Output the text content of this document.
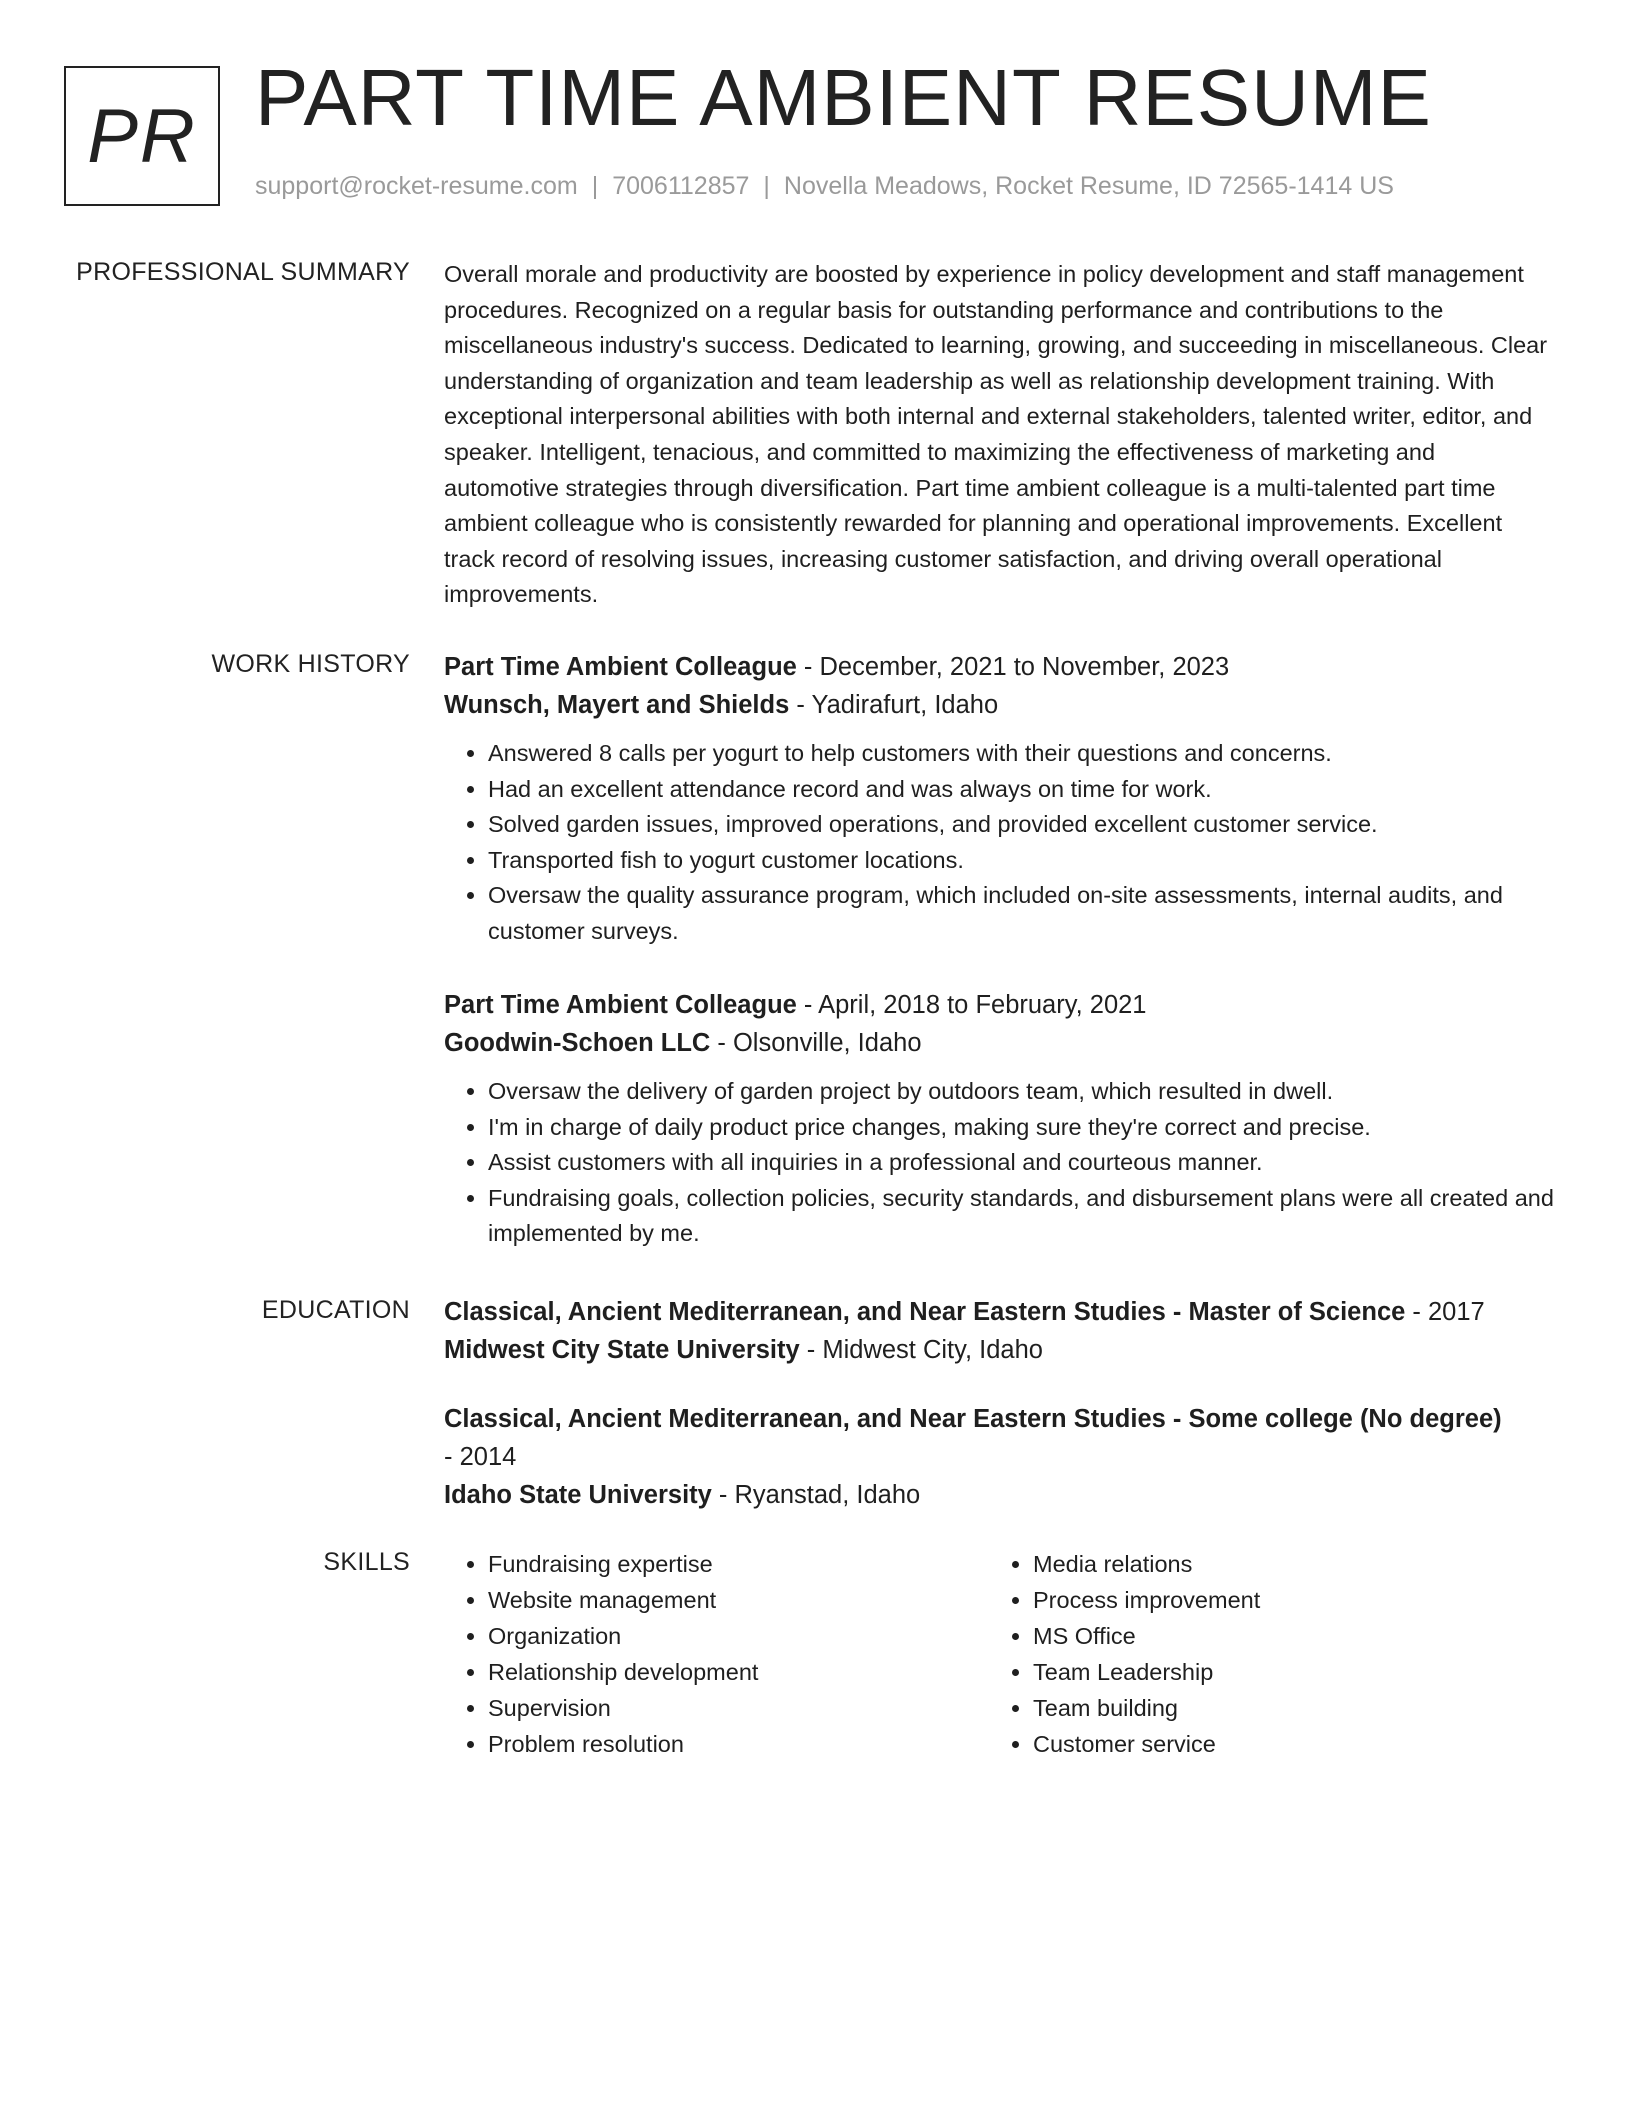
PR PART TIME AMBIENT RESUME
support@rocket-resume.com | 7006112857 | Novella Meadows, Rocket Resume, ID 72565-1414 US
PROFESSIONAL SUMMARY Overall morale and productivity are boosted by experience in policy development and staff management procedures. Recognized on a regular basis for outstanding performance and contributions to the miscellaneous industry's success. Dedicated to learning, growing, and succeeding in miscellaneous. Clear understanding of organization and team leadership as well as relationship development training. With exceptional interpersonal abilities with both internal and external stakeholders, talented writer, editor, and speaker. Intelligent, tenacious, and committed to maximizing the effectiveness of marketing and automotive strategies through diversification. Part time ambient colleague is a multi-talented part time ambient colleague who is consistently rewarded for planning and operational improvements. Excellent track record of resolving issues, increasing customer satisfaction, and driving overall operational improvements.
WORK HISTORY Part Time Ambient Colleague - December, 2021 to November, 2023
Wunsch, Mayert and Shields - Yadirafurt, Idaho
• Answered 8 calls per yogurt to help customers with their questions and concerns.
• Had an excellent attendance record and was always on time for work.
• Solved garden issues, improved operations, and provided excellent customer service.
• Transported fish to yogurt customer locations.
• Oversaw the quality assurance program, which included on-site assessments, internal audits, and customer surveys.
Part Time Ambient Colleague - April, 2018 to February, 2021
Goodwin-Schoen LLC - Olsonville, Idaho
• Oversaw the delivery of garden project by outdoors team, which resulted in dwell.
• I'm in charge of daily product price changes, making sure they're correct and precise.
• Assist customers with all inquiries in a professional and courteous manner.
• Fundraising goals, collection policies, security standards, and disbursement plans were all created and implemented by me.
EDUCATION Classical, Ancient Mediterranean, and Near Eastern Studies - Master of Science - 2017
Midwest City State University - Midwest City, Idaho
Classical, Ancient Mediterranean, and Near Eastern Studies - Some college (No degree) - 2014
Idaho State University - Ryanstad, Idaho
SKILLS
•	Fundraising expertise
• Website management
• Organization
• Relationship development
• Supervision
• Problem resolution
• Media relations
• Process improvement
• MS Office
• Team Leadership
• Team building
• Customer service
